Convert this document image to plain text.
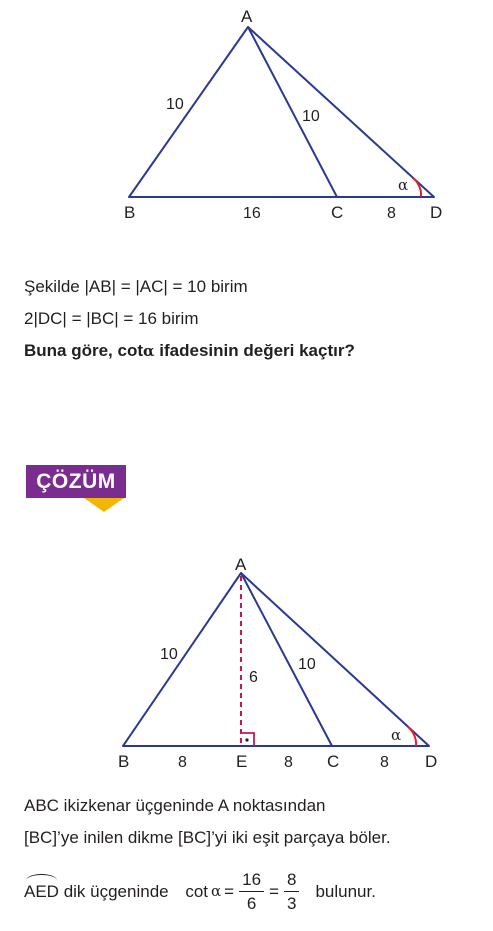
A
B	C	D
10
10
16	8
α
Şekilde |AB| = |AC| = 10 birim
2|DC| = |BC| = 16 birim
Buna göre, cotα ifadesinin değeri kaçtır?
ÇÖZÜM
A
B	E	C	D
10
6
10
8	8	8
α
ABC ikizkenar üçgeninde A noktasından
[BC]’ye inilen dikme [BC]’yi iki eşit parçaya böler.
AED dik üçgeninde $\cot \alpha = \frac{16}{6} = \frac{8}{3}$ bulunur.
